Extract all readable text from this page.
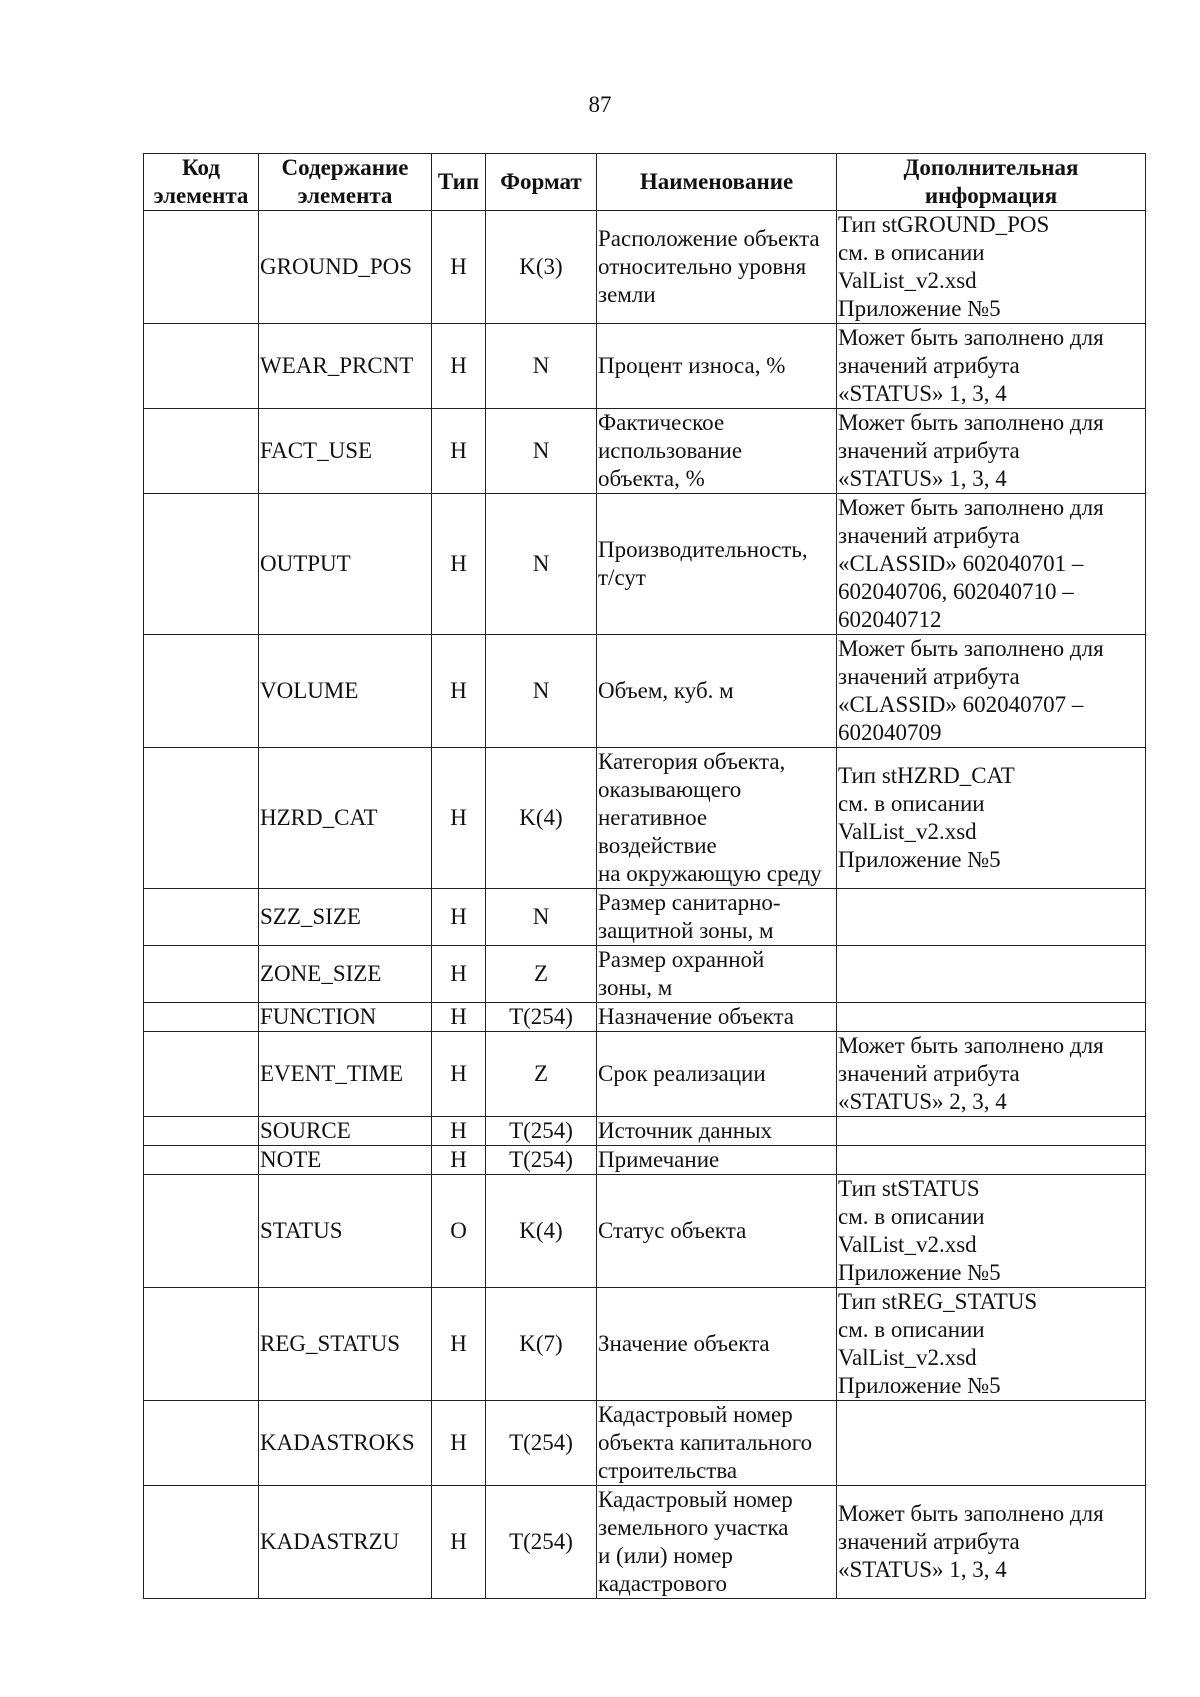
87
Код
элемента	Содержание
элемента	Тип	Формат	Наименование	Дополнительная
информация
	GROUND_POS	Н	K(3)	Расположение объекта
относительно уровня
земли	Тип stGROUND_POS
см. в описании
ValList_v2.xsd
Приложение №5
	WEAR_PRCNT	Н	N	Процент износа, %	Может быть заполнено для
значений атрибута
«STATUS» 1, 3, 4
	FACT_USE	Н	N	Фактическое
использование
объекта, %	Может быть заполнено для
значений атрибута
«STATUS» 1, 3, 4
	OUTPUT	Н	N	Производительность,
т/сут	Может быть заполнено для
значений атрибута
«CLASSID» 602040701 –
602040706, 602040710 –
602040712
	VOLUME	Н	N	Объем, куб. м	Может быть заполнено для
значений атрибута
«CLASSID» 602040707 –
602040709
	HZRD_CAT	Н	K(4)	Категория объекта,
оказывающего
негативное
воздействие
на окружающую среду	Тип stHZRD_CAT
см. в описании
ValList_v2.xsd
Приложение №5
	SZZ_SIZE	Н	N	Размер санитарно-
защитной зоны, м	
	ZONE_SIZE	Н	Z	Размер охранной
зоны, м	
	FUNCTION	Н	T(254)	Назначение объекта	
	EVENT_TIME	Н	Z	Срок реализации	Может быть заполнено для
значений атрибута
«STATUS» 2, 3, 4
	SOURCE	Н	T(254)	Источник данных	
	NOTE	Н	T(254)	Примечание	
	STATUS	О	K(4)	Статус объекта	Тип stSTATUS
см. в описании
ValList_v2.xsd
Приложение №5
	REG_STATUS	Н	K(7)	Значение объекта	Тип stREG_STATUS
см. в описании
ValList_v2.xsd
Приложение №5
	KADASTROKS	Н	T(254)	Кадастровый номер
объекта капитального
строительства	
	KADASTRZU	Н	T(254)	Кадастровый номер
земельного участка
и (или) номер
кадастрового	Может быть заполнено для
значений атрибута
«STATUS» 1, 3, 4
